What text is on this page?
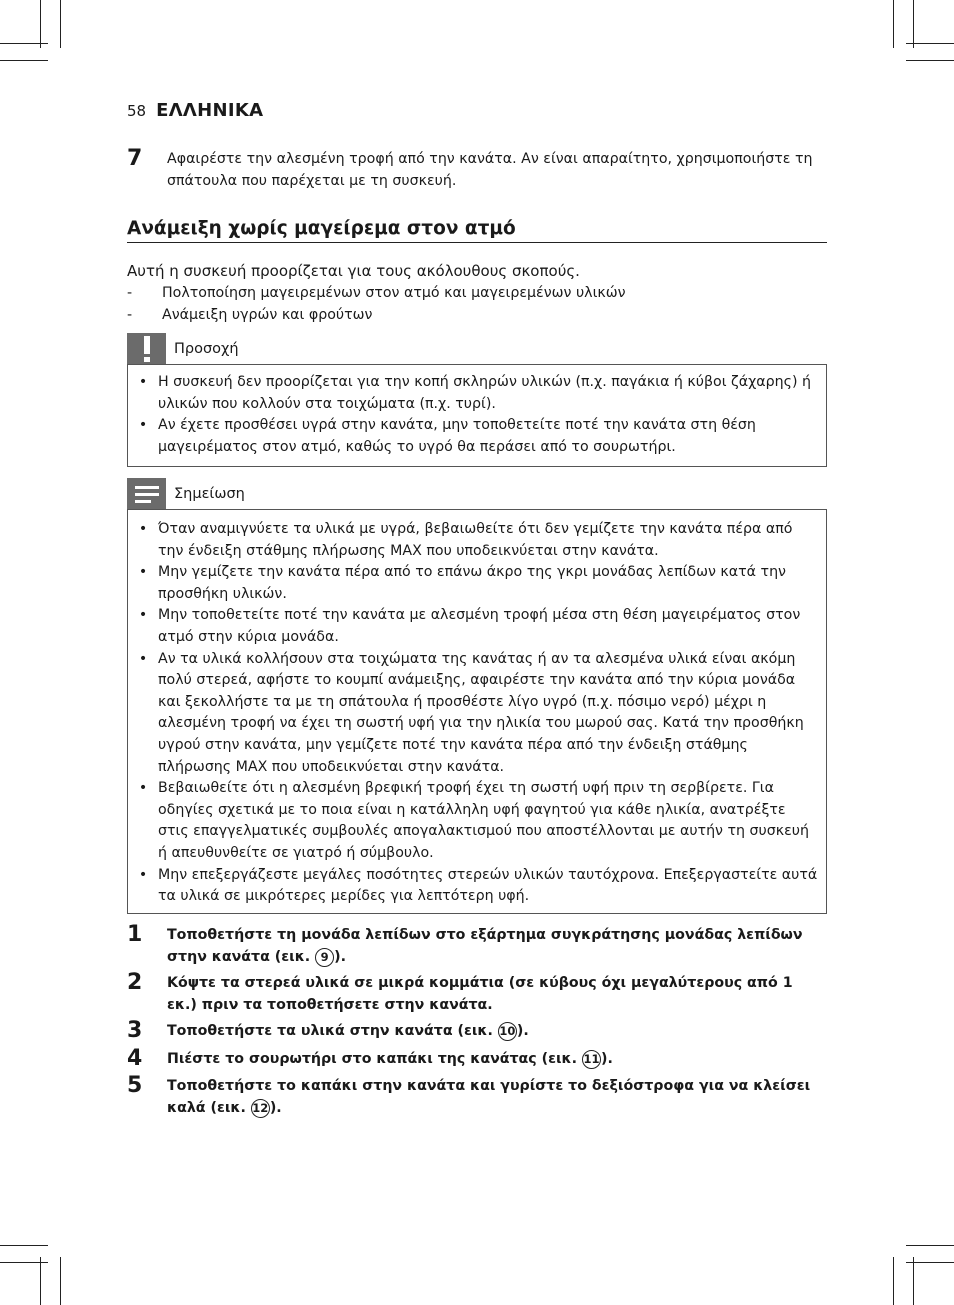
58 ΕΛΛΗΝΙΚΑ
7	Αφαιρέστε την αλεσμένη τροφή από την κανάτα. Αν είναι απαραίτητο, χρησιμοποιήστε τη σπάτουλα που παρέχεται με τη συσκευή.
Ανάμειξη χωρίς μαγείρεμα στον ατμό
Αυτή η συσκευή προορίζεται για τους ακόλουθους σκοπούς.
-	Πολτοποίηση μαγειρεμένων στον ατμό και μαγειρεμένων υλικών
-	Ανάμειξη υγρών και φρούτων
Προσοχή
• Η συσκευή δεν προορίζεται για την κοπή σκληρών υλικών (π.χ. παγάκια ή κύβοι ζάχαρης) ή υλικών που κολλούν στα τοιχώματα (π.χ. τυρί).
• Αν έχετε προσθέσει υγρά στην κανάτα, μην τοποθετείτε ποτέ την κανάτα στη θέση μαγειρέματος στον ατμό, καθώς το υγρό θα περάσει από το σουρωτήρι.
Σημείωση
• Όταν αναμιγνύετε τα υλικά με υγρά, βεβαιωθείτε ότι δεν γεμίζετε την κανάτα πέρα από την ένδειξη στάθμης πλήρωσης MAX που υποδεικνύεται στην κανάτα.
• Μην γεμίζετε την κανάτα πέρα από το επάνω άκρο της γκρι μονάδας λεπίδων κατά την προσθήκη υλικών.
• Μην τοποθετείτε ποτέ την κανάτα με αλεσμένη τροφή μέσα στη θέση μαγειρέματος στον ατμό στην κύρια μονάδα.
• Αν τα υλικά κολλήσουν στα τοιχώματα της κανάτας ή αν τα αλεσμένα υλικά είναι ακόμη πολύ στερεά, αφήστε το κουμπί ανάμειξης, αφαιρέστε την κανάτα από την κύρια μονάδα και ξεκολλήστε τα με τη σπάτουλα ή προσθέστε λίγο υγρό (π.χ. πόσιμο νερό) μέχρι η αλεσμένη τροφή να έχει τη σωστή υφή για την ηλικία του μωρού σας. Κατά την προσθήκη υγρού στην κανάτα, μην γεμίζετε ποτέ την κανάτα πέρα από την ένδειξη στάθμης πλήρωσης MAX που υποδεικνύεται στην κανάτα.
• Βεβαιωθείτε ότι η αλεσμένη βρεφική τροφή έχει τη σωστή υφή πριν τη σερβίρετε. Για οδηγίες σχετικά με το ποια είναι η κατάλληλη υφή φαγητού για κάθε ηλικία, ανατρέξτε στις επαγγελματικές συμβουλές απογαλακτισμού που αποστέλλονται με αυτήν τη συσκευή ή απευθυνθείτε σε γιατρό ή σύμβουλο.
• Μην επεξεργάζεστε μεγάλες ποσότητες στερεών υλικών ταυτόχρονα. Επεξεργαστείτε αυτά τα υλικά σε μικρότερες μερίδες για λεπτότερη υφή.
1	Τοποθετήστε τη μονάδα λεπίδων στο εξάρτημα συγκράτησης μονάδας λεπίδων στην κανάτα (εικ. 9 ).
2	Κόψτε τα στερεά υλικά σε μικρά κομμάτια (σε κύβους όχι μεγαλύτερους από 1 εκ.) πριν τα τοποθετήσετε στην κανάτα.
3	Τοποθετήστε τα υλικά στην κανάτα (εικ. 10 ).
4	Πιέστε το σουρωτήρι στο καπάκι της κανάτας (εικ. 11 ).
5	Τοποθετήστε το καπάκι στην κανάτα και γυρίστε το δεξιόστροφα για να κλείσει καλά (εικ. 12 ).
